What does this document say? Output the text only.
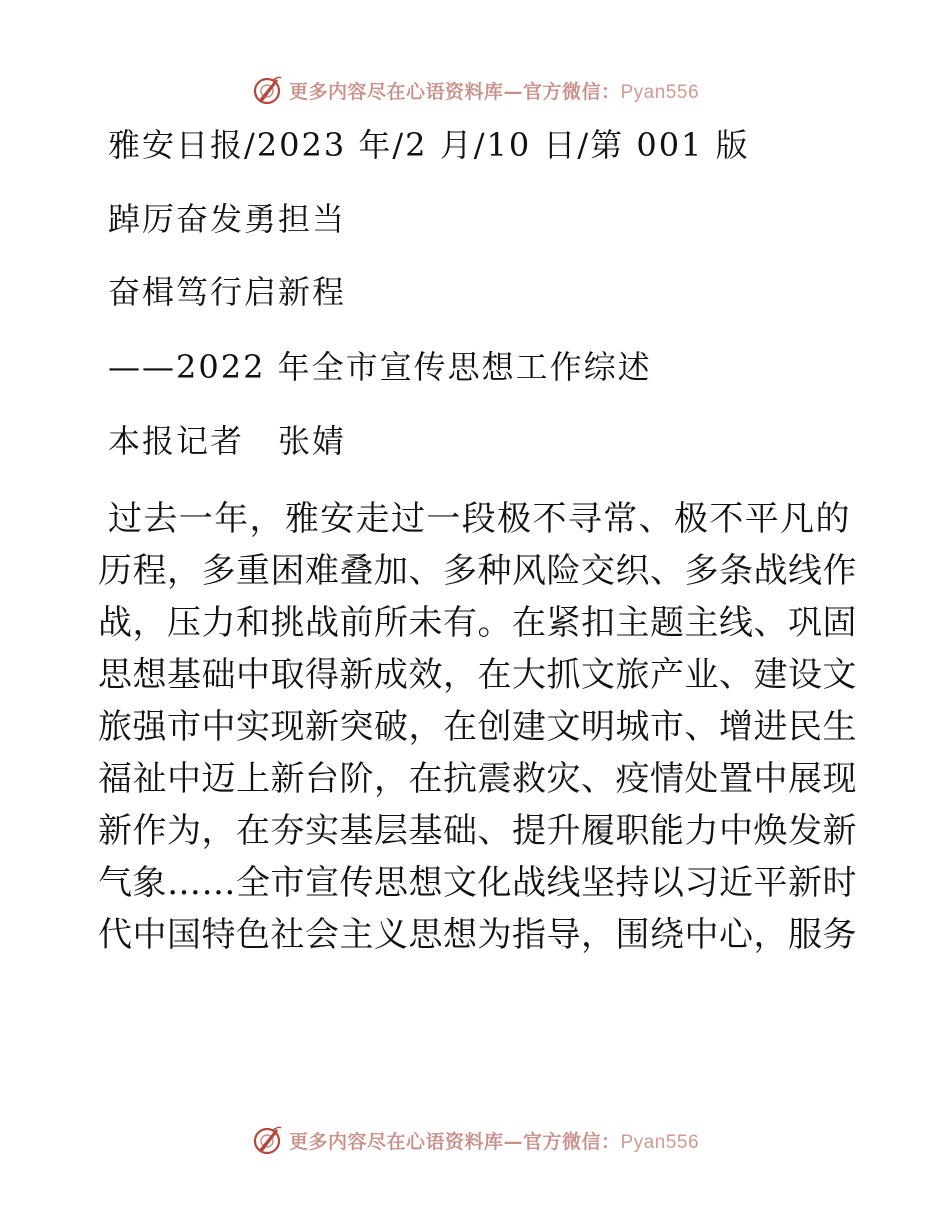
更多内容尽在心语资料库—官方微信：Pyan556
雅安日报/2023 年/2 月/10 日/第 001 版
踔厉奋发勇担当
奋楫笃行启新程
——2022 年全市宣传思想工作综述
本报记者　张婧
过去一年，雅安走过一段极不寻常、极不平凡的
历程，多重困难叠加、多种风险交织、多条战线作
战，压力和挑战前所未有。在紧扣主题主线、巩固
思想基础中取得新成效，在大抓文旅产业、建设文
旅强市中实现新突破，在创建文明城市、增进民生
福祉中迈上新台阶，在抗震救灾、疫情处置中展现
新作为，在夯实基层基础、提升履职能力中焕发新
气象……全市宣传思想文化战线坚持以习近平新时
代中国特色社会主义思想为指导，围绕中心，服务
更多内容尽在心语资料库—官方微信：Pyan556
